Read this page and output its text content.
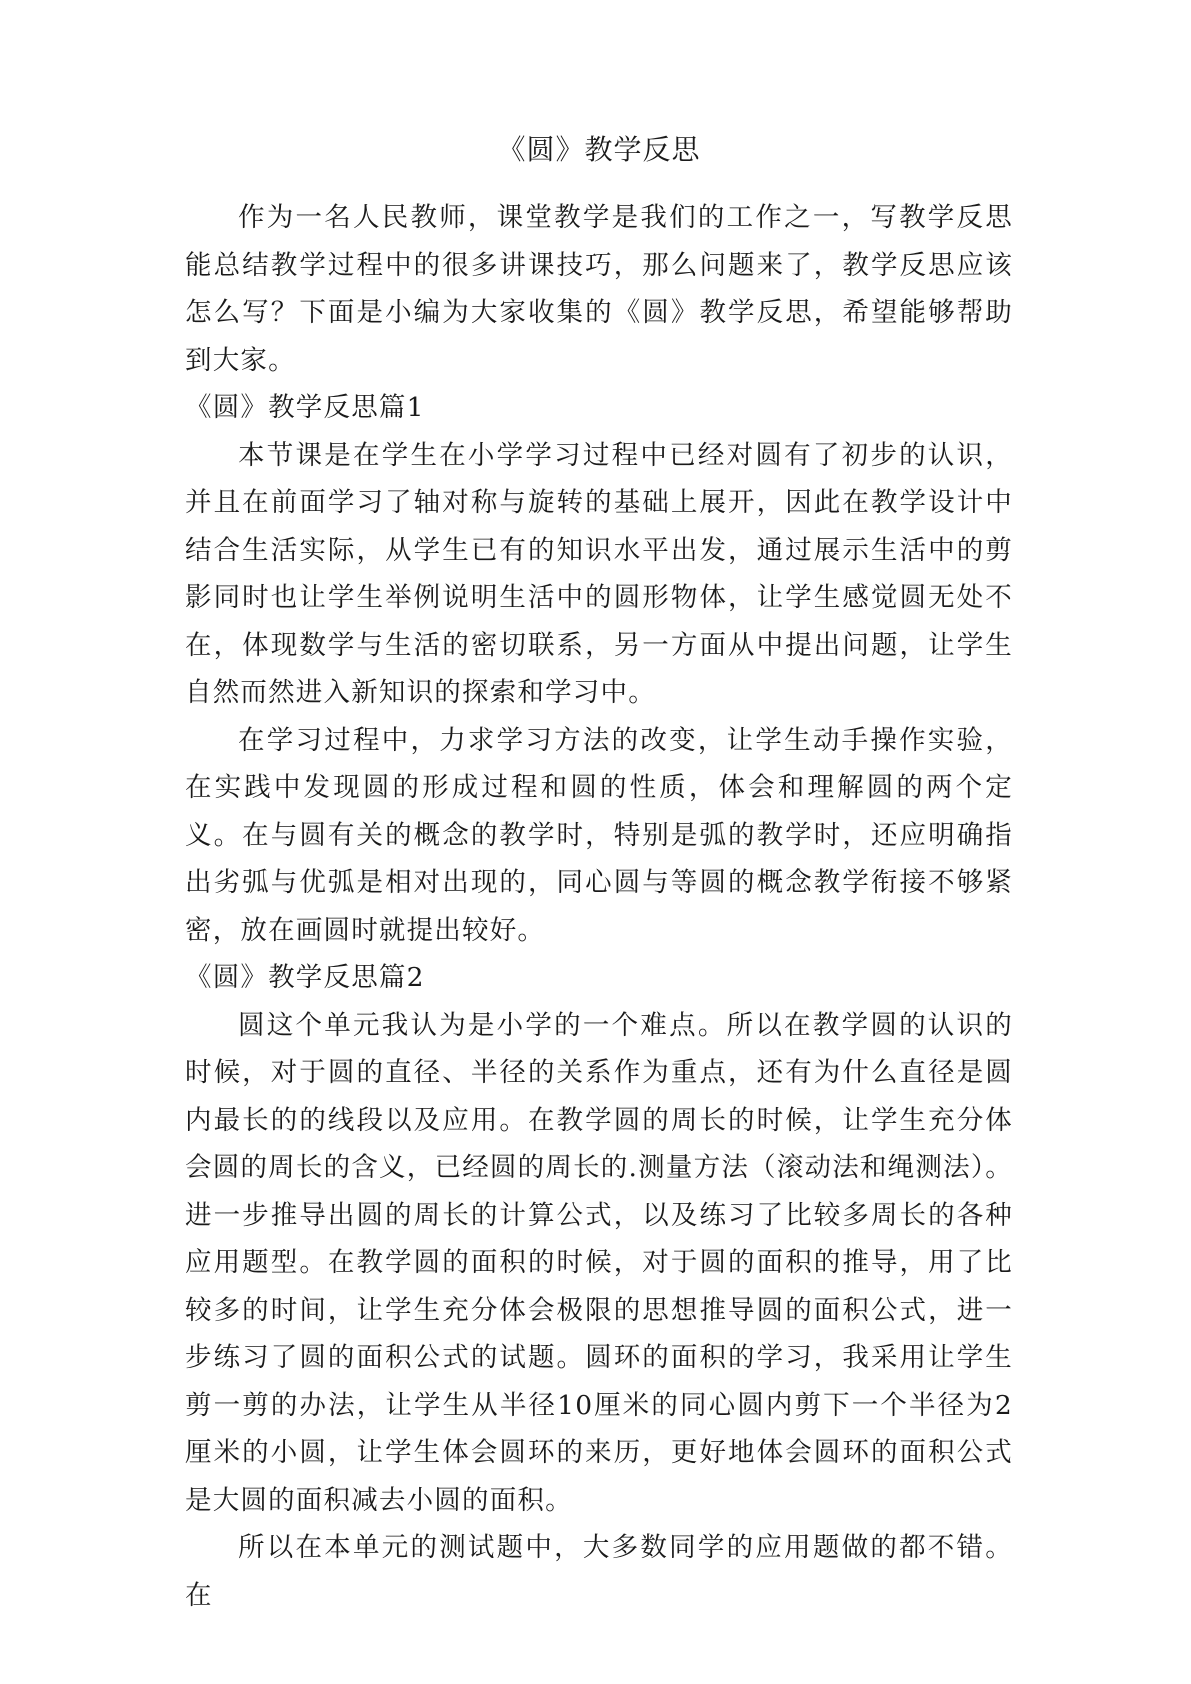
《圆》教学反思

作为一名人民教师，课堂教学是我们的工作之一，写教学反思能总结教学过程中的很多讲课技巧，那么问题来了，教学反思应该怎么写？下面是小编为大家收集的《圆》教学反思，希望能够帮助到大家。

《圆》教学反思篇1

本节课是在学生在小学学习过程中已经对圆有了初步的认识，并且在前面学习了轴对称与旋转的基础上展开，因此在教学设计中结合生活实际，从学生已有的知识水平出发，通过展示生活中的剪影同时也让学生举例说明生活中的圆形物体，让学生感觉圆无处不在，体现数学与生活的密切联系，另一方面从中提出问题，让学生自然而然进入新知识的探索和学习中。

在学习过程中，力求学习方法的改变，让学生动手操作实验，在实践中发现圆的形成过程和圆的性质，体会和理解圆的两个定义。在与圆有关的概念的教学时，特别是弧的教学时，还应明确指出劣弧与优弧是相对出现的，同心圆与等圆的概念教学衔接不够紧密，放在画圆时就提出较好。

《圆》教学反思篇2

圆这个单元我认为是小学的一个难点。所以在教学圆的认识的时候，对于圆的直径、半径的关系作为重点，还有为什么直径是圆内最长的的线段以及应用。在教学圆的周长的时候，让学生充分体会圆的周长的含义，已经圆的周长的.测量方法（滚动法和绳测法）。进一步推导出圆的周长的计算公式，以及练习了比较多周长的各种应用题型。在教学圆的面积的时候，对于圆的面积的推导，用了比较多的时间，让学生充分体会极限的思想推导圆的面积公式，进一步练习了圆的面积公式的试题。圆环的面积的学习，我采用让学生剪一剪的办法，让学生从半径10厘米的同心圆内剪下一个半径为2厘米的小圆，让学生体会圆环的来历，更好地体会圆环的面积公式是大圆的面积减去小圆的面积。

所以在本单元的测试题中，大多数同学的应用题做的都不错。在
